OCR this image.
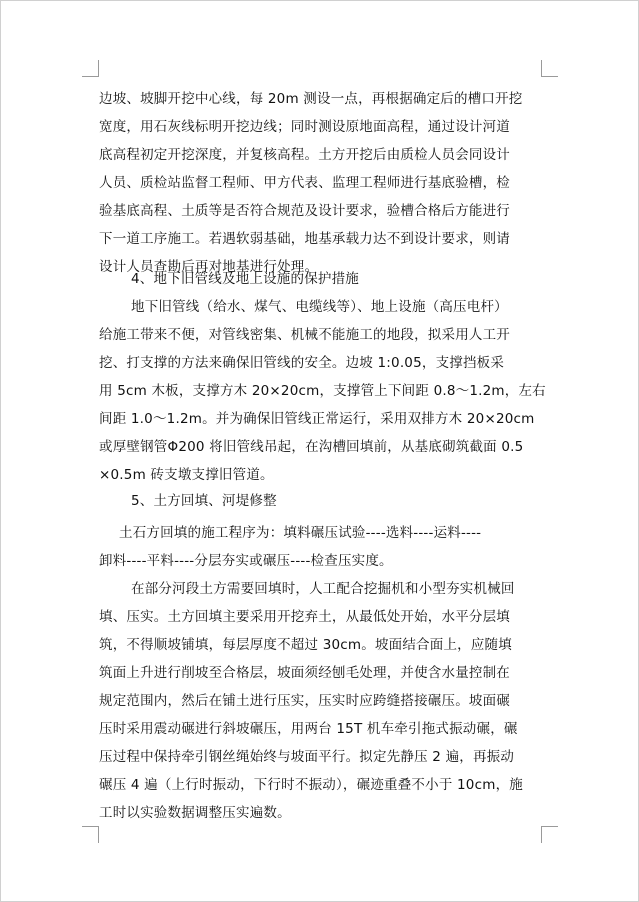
边坡、坡脚开挖中心线，每 20m 测设一点，再根据确定后的槽口开挖
宽度，用石灰线标明开挖边线；同时测设原地面高程，通过设计河道
底高程初定开挖深度，并复核高程。土方开挖后由质检人员会同设计
人员、质检站监督工程师、甲方代表、监理工程师进行基底验槽，检
验基底高程、土质等是否符合规范及设计要求，验槽合格后方能进行
下一道工序施工。若遇软弱基础，地基承载力达不到设计要求，则请
设计人员查勘后再对地基进行处理。
4、地下旧管线及地上设施的保护措施
地下旧管线（给水、煤气、电缆线等）、地上设施（高压电杆）
给施工带来不便，对管线密集、机械不能施工的地段，拟采用人工开
挖、打支撑的方法来确保旧管线的安全。边坡 1:0.05，支撑挡板采
用 5cm 木板，支撑方木 20×20cm，支撑管上下间距 0.8～1.2m，左右
间距 1.0～1.2m。并为确保旧管线正常运行，采用双排方木 20×20cm
或厚壁钢管Φ200 将旧管线吊起，在沟槽回填前，从基底砌筑截面 0.5
×0.5m 砖支墩支撑旧管道。
5、土方回填、河堤修整
土石方回填的施工程序为：填料碾压试验----选料----运料----
卸料----平料----分层夯实或碾压----检查压实度。
在部分河段土方需要回填时，人工配合挖掘机和小型夯实机械回
填、压实。土方回填主要采用开挖弃土，从最低处开始，水平分层填
筑，不得顺坡铺填，每层厚度不超过 30cm。坡面结合面上，应随填
筑面上升进行削坡至合格层，坡面须经刨毛处理，并使含水量控制在
规定范围内，然后在铺土进行压实，压实时应跨缝搭接碾压。坡面碾
压时采用震动碾进行斜坡碾压，用两台 15T 机车牵引拖式振动碾，碾
压过程中保持牵引钢丝绳始终与坡面平行。拟定先静压 2 遍，再振动
碾压 4 遍（上行时振动，下行时不振动），碾迹重叠不小于 10cm，施
工时以实验数据调整压实遍数。
